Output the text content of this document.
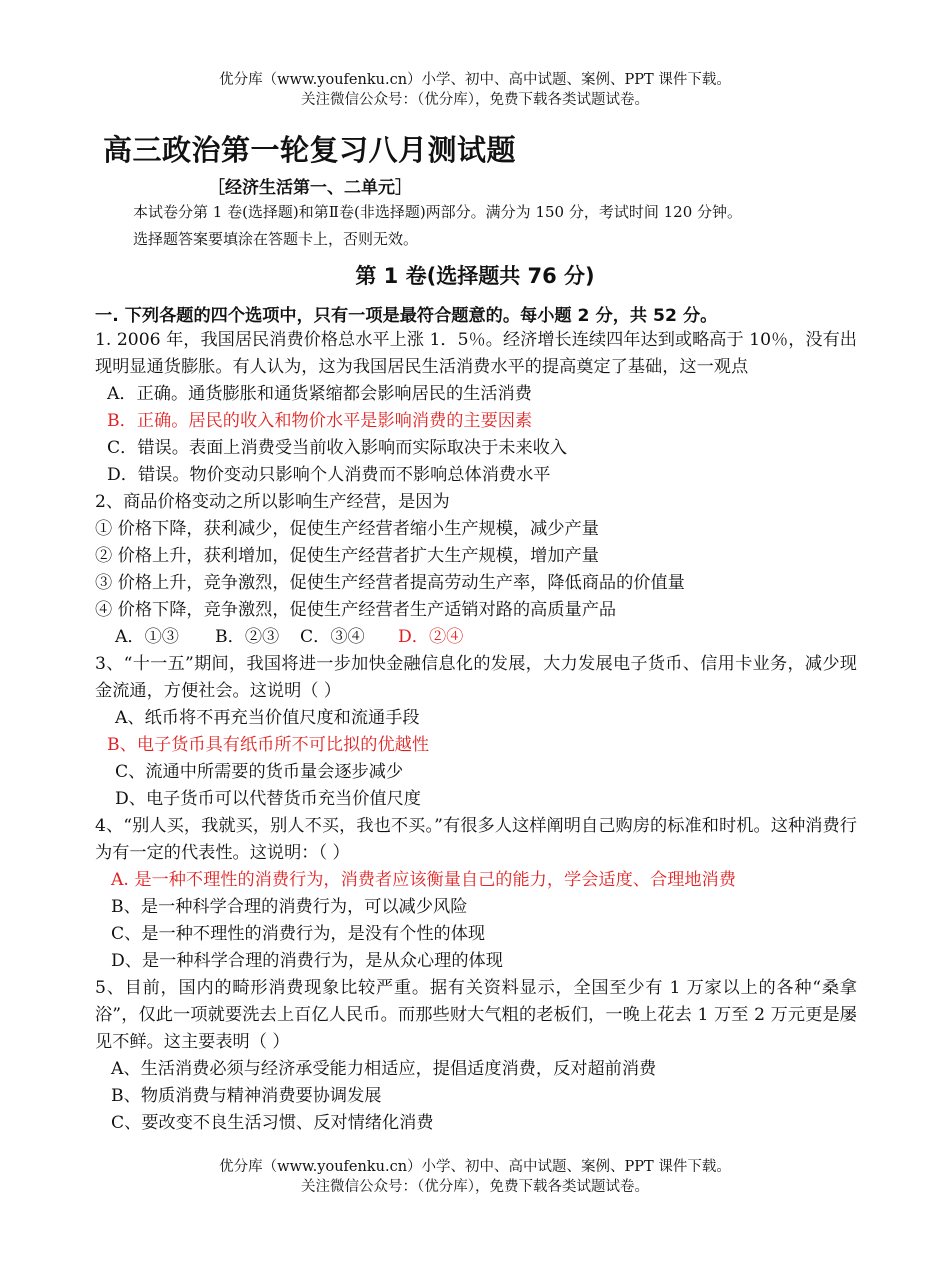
优分库（www.youfenku.cn）小学、初中、高中试题、案例、PPT 课件下载。
关注微信公众号：（优分库），免费下载各类试题试卷。
高三政治第一轮复习八月测试题
［经济生活第一、二单元］
本试卷分第 1 卷(选择题)和第Ⅱ卷(非选择题)两部分。满分为 150 分，考试时间 120 分钟。
选择题答案要填涂在答题卡上，否则无效。
第 1 卷(选择题共 76 分)
一. 下列各题的四个选项中，只有一项是最符合题意的。每小题 2 分，共 52 分。
1. 2006 年，我国居民消费价格总水平上涨 1．5％。经济增长连续四年达到或略高于 10％，没有出现明显通货膨胀。有人认为，这为我国居民生活消费水平的提高奠定了基础，这一观点
A．正确。通货膨胀和通货紧缩都会影响居民的生活消费
B．正确。居民的收入和物价水平是影响消费的主要因素
C．错误。表面上消费受当前收入影响而实际取决于未来收入
D．错误。物价变动只影响个人消费而不影响总体消费水平
2、商品价格变动之所以影响生产经营，是因为
① 价格下降，获利减少，促使生产经营者缩小生产规模，减少产量
② 价格上升，获利增加，促使生产经营者扩大生产规模，增加产量
③ 价格上升，竞争激烈，促使生产经营者提高劳动生产率，降低商品的价值量
④ 价格下降，竞争激烈，促使生产经营者生产适销对路的高质量产品
A．①③ B．②③ C．③④ D．②④
3、“十一五”期间，我国将进一步加快金融信息化的发展，大力发展电子货币、信用卡业务，减少现金流通，方便社会。这说明（ ）
A、纸币将不再充当价值尺度和流通手段
B、电子货币具有纸币所不可比拟的优越性
C、流通中所需要的货币量会逐步减少
D、电子货币可以代替货币充当价值尺度
4、“别人买，我就买，别人不买，我也不买。”有很多人这样阐明自己购房的标准和时机。这种消费行为有一定的代表性。这说明：（ ）
A. 是一种不理性的消费行为，消费者应该衡量自己的能力，学会适度、合理地消费
B、是一种科学合理的消费行为，可以减少风险
C、是一种不理性的消费行为，是没有个性的体现
D、是一种科学合理的消费行为，是从众心理的体现
5、目前，国内的畸形消费现象比较严重。据有关资料显示，全国至少有 1 万家以上的各种“桑拿浴”，仅此一项就要洗去上百亿人民币。而那些财大气粗的老板们，一晚上花去 1 万至 2 万元更是屡见不鲜。这主要表明（ ）
A、生活消费必须与经济承受能力相适应，提倡适度消费，反对超前消费
B、物质消费与精神消费要协调发展
C、要改变不良生活习惯、反对情绪化消费
优分库（www.youfenku.cn）小学、初中、高中试题、案例、PPT 课件下载。
关注微信公众号：（优分库），免费下载各类试题试卷。
